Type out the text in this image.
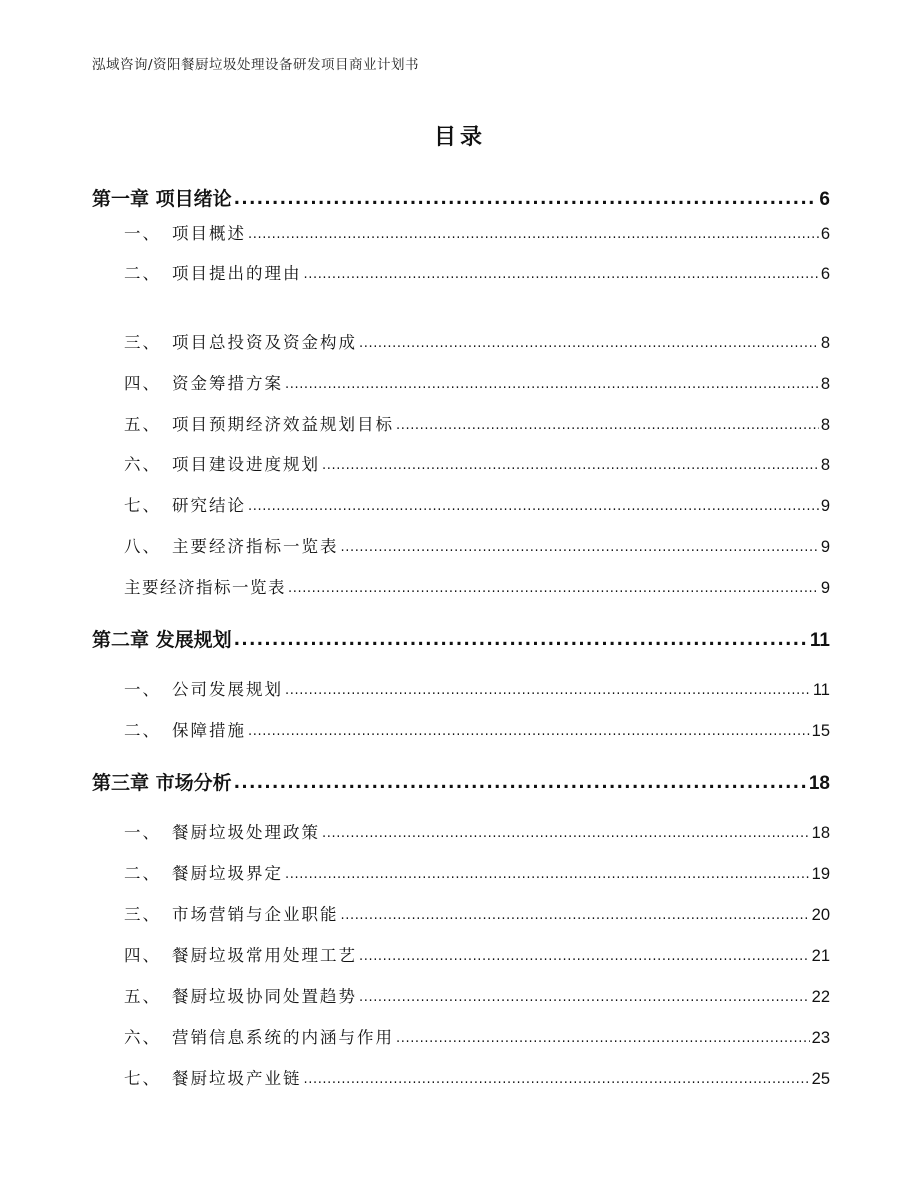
泓域咨询/资阳餐厨垃圾处理设备研发项目商业计划书
目录
第一章 项目绪论 .....	6
一、 项目概述 .....	6
二、 项目提出的理由 .....	6
三、 项目总投资及资金构成 .....	8
四、 资金筹措方案 .....	8
五、 项目预期经济效益规划目标 .....	8
六、 项目建设进度规划 .....	8
七、 研究结论 .....	9
八、 主要经济指标一览表 .....	9
主要经济指标一览表 .....	9
第二章 发展规划 .....	11
一、 公司发展规划 .....	11
二、 保障措施 .....	15
第三章 市场分析 .....	18
一、 餐厨垃圾处理政策 .....	18
二、 餐厨垃圾界定 .....	19
三、 市场营销与企业职能 .....	20
四、 餐厨垃圾常用处理工艺 .....	21
五、 餐厨垃圾协同处置趋势 .....	22
六、 营销信息系统的内涵与作用 .....	23
七、 餐厨垃圾产业链 .....	25
